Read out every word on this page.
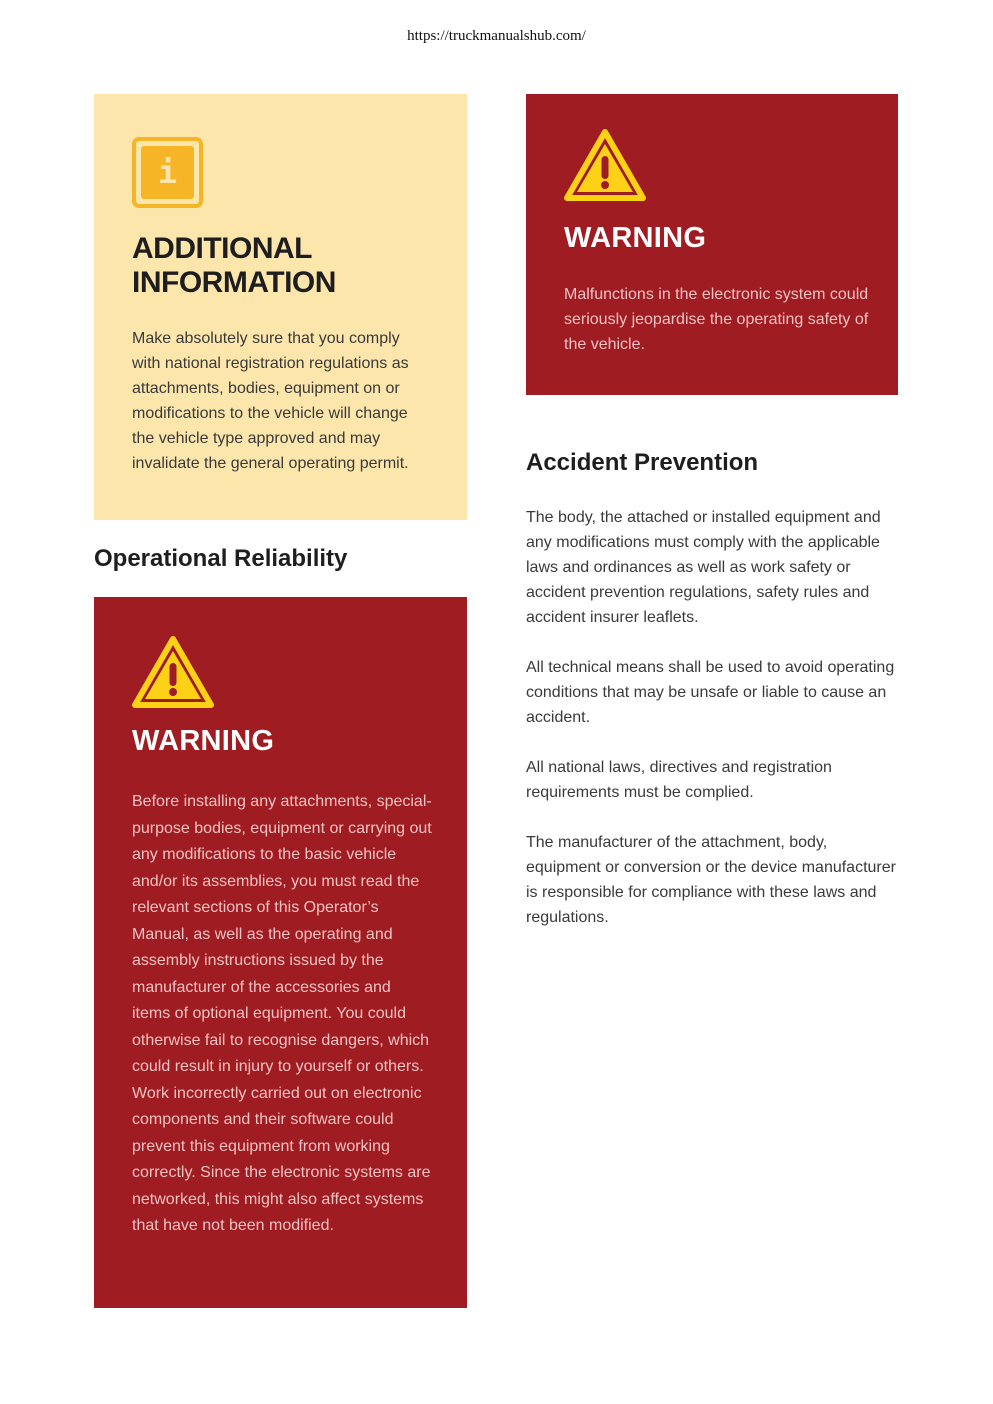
https://truckmanualshub.com/
i
ADDITIONAL
INFORMATION

Make absolutely sure that you comply with national registration regulations as attachments, bodies, equipment on or modifications to the vehicle will change the vehicle type approved and may invalidate the general operating permit.

WARNING

Malfunctions in the electronic system could seriously jeopardise the operating safety of the vehicle.

Accident Prevention

The body, the attached or installed equipment and any modifications must comply with the applicable laws and ordinances as well as work safety or accident prevention regulations, safety rules and accident insurer leaflets.

All technical means shall be used to avoid operating conditions that may be unsafe or liable to cause an accident.

All national laws, directives and registration requirements must be complied.

The manufacturer of the attachment, body, equipment or conversion or the device manufacturer is responsible for compliance with these laws and regulations.

Operational Reliability
WARNING

Before installing any attachments, special-purpose bodies, equipment or carrying out any modifications to the basic vehicle and/or its assemblies, you must read the relevant sections of this Operator’s Manual, as well as the operating and assembly instructions issued by the manufacturer of the accessories and items of optional equipment. You could otherwise fail to recognise dangers, which could result in injury to yourself or others. Work incorrectly carried out on electronic components and their software could prevent this equipment from working correctly. Since the electronic systems are networked, this might also affect systems that have not been modified.
